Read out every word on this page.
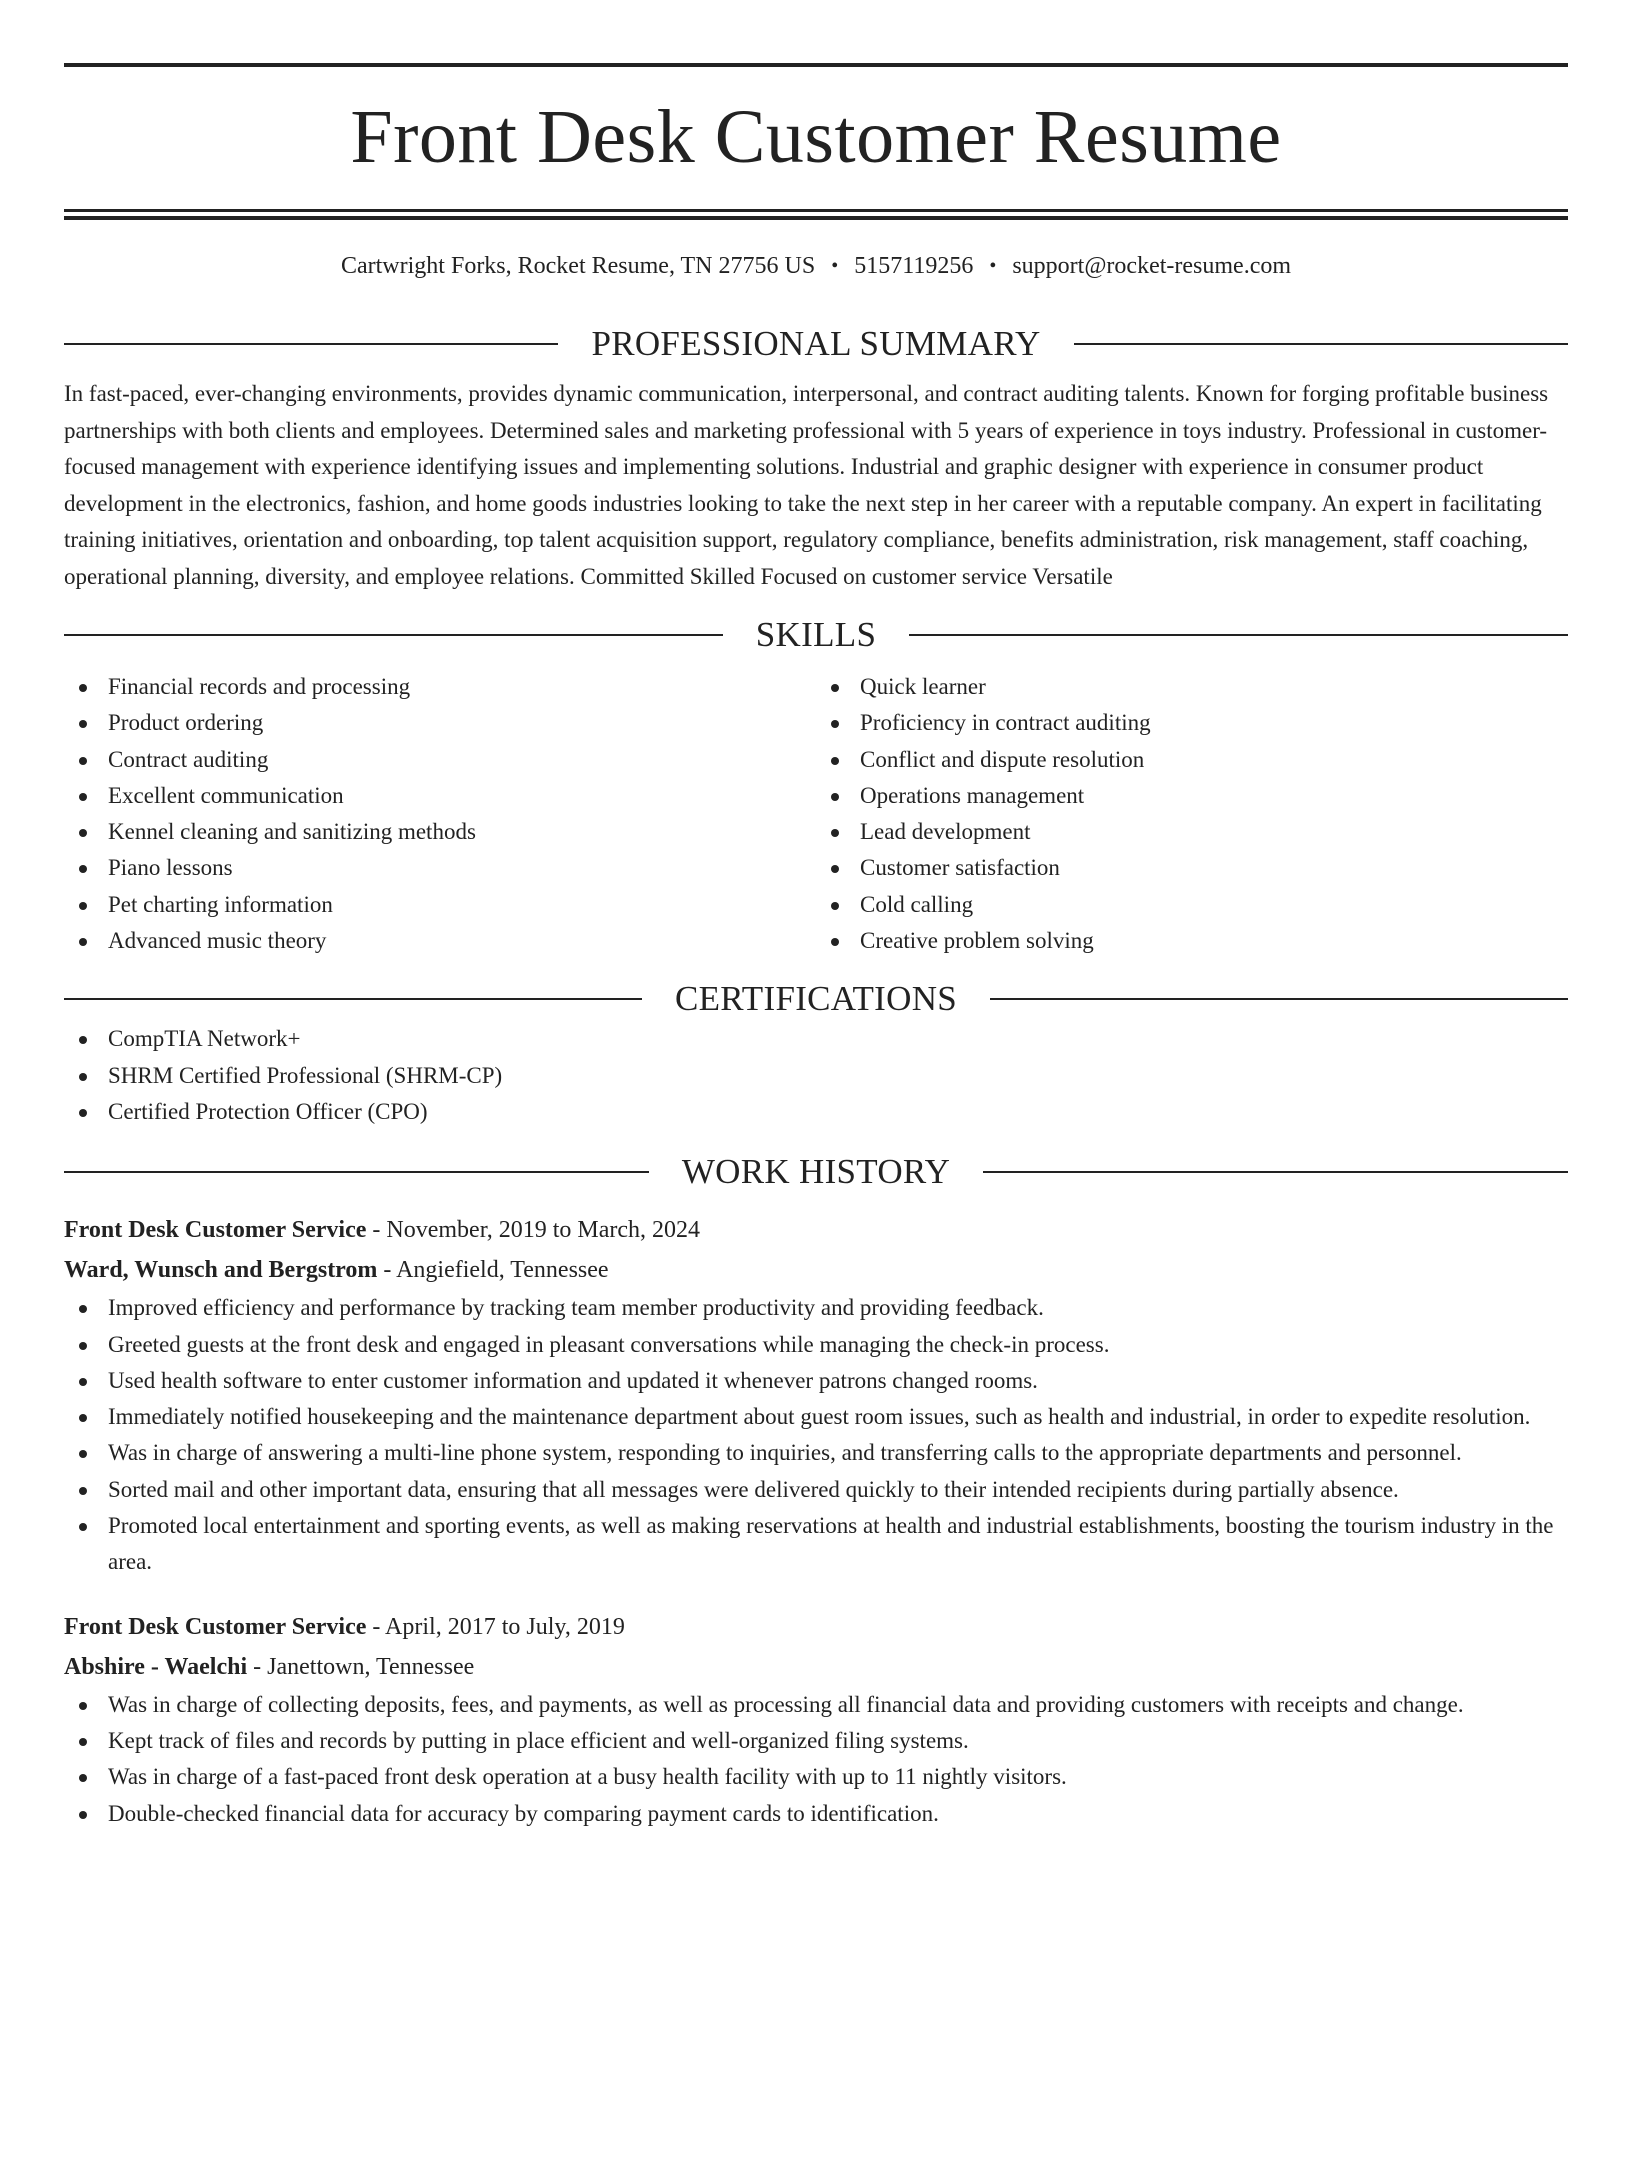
Front Desk Customer Resume
Cartwright Forks, Rocket Resume, TN 27756 US • 5157119256 • support@rocket-resume.com
PROFESSIONAL SUMMARY

In fast-paced, ever-changing environments, provides dynamic communication, interpersonal, and contract auditing talents. Known for forging profitable business partnerships with both clients and employees. Determined sales and marketing professional with 5 years of experience in toys industry. Professional in customer-focused management with experience identifying issues and implementing solutions. Industrial and graphic designer with experience in consumer product development in the electronics, fashion, and home goods industries looking to take the next step in her career with a reputable company. An expert in facilitating training initiatives, orientation and onboarding, top talent acquisition support, regulatory compliance, benefits administration, risk management, staff coaching, operational planning, diversity, and employee relations. Committed Skilled Focused on customer service Versatile

SKILLS
Financial records and processing
Product ordering
Contract auditing
Excellent communication
Kennel cleaning and sanitizing methods
Piano lessons
Pet charting information
Advanced music theory
Quick learner
Proficiency in contract auditing
Conflict and dispute resolution
Operations management
Lead development
Customer satisfaction
Cold calling
Creative problem solving
CERTIFICATIONS
CompTIA Network+
SHRM Certified Professional (SHRM-CP)
Certified Protection Officer (CPO)
WORK HISTORY
Front Desk Customer Service - November, 2019 to March, 2024
Ward, Wunsch and Bergstrom - Angiefield, Tennessee
Improved efficiency and performance by tracking team member productivity and providing feedback.
Greeted guests at the front desk and engaged in pleasant conversations while managing the check-in process.
Used health software to enter customer information and updated it whenever patrons changed rooms.
Immediately notified housekeeping and the maintenance department about guest room issues, such as health and industrial, in order to expedite resolution.
Was in charge of answering a multi-line phone system, responding to inquiries, and transferring calls to the appropriate departments and personnel.
Sorted mail and other important data, ensuring that all messages were delivered quickly to their intended recipients during partially absence.
Promoted local entertainment and sporting events, as well as making reservations at health and industrial establishments, boosting the tourism industry in the area.
Front Desk Customer Service - April, 2017 to July, 2019
Abshire - Waelchi - Janettown, Tennessee
Was in charge of collecting deposits, fees, and payments, as well as processing all financial data and providing customers with receipts and change.
Kept track of files and records by putting in place efficient and well-organized filing systems.
Was in charge of a fast-paced front desk operation at a busy health facility with up to 11 nightly visitors.
Double-checked financial data for accuracy by comparing payment cards to identification.
